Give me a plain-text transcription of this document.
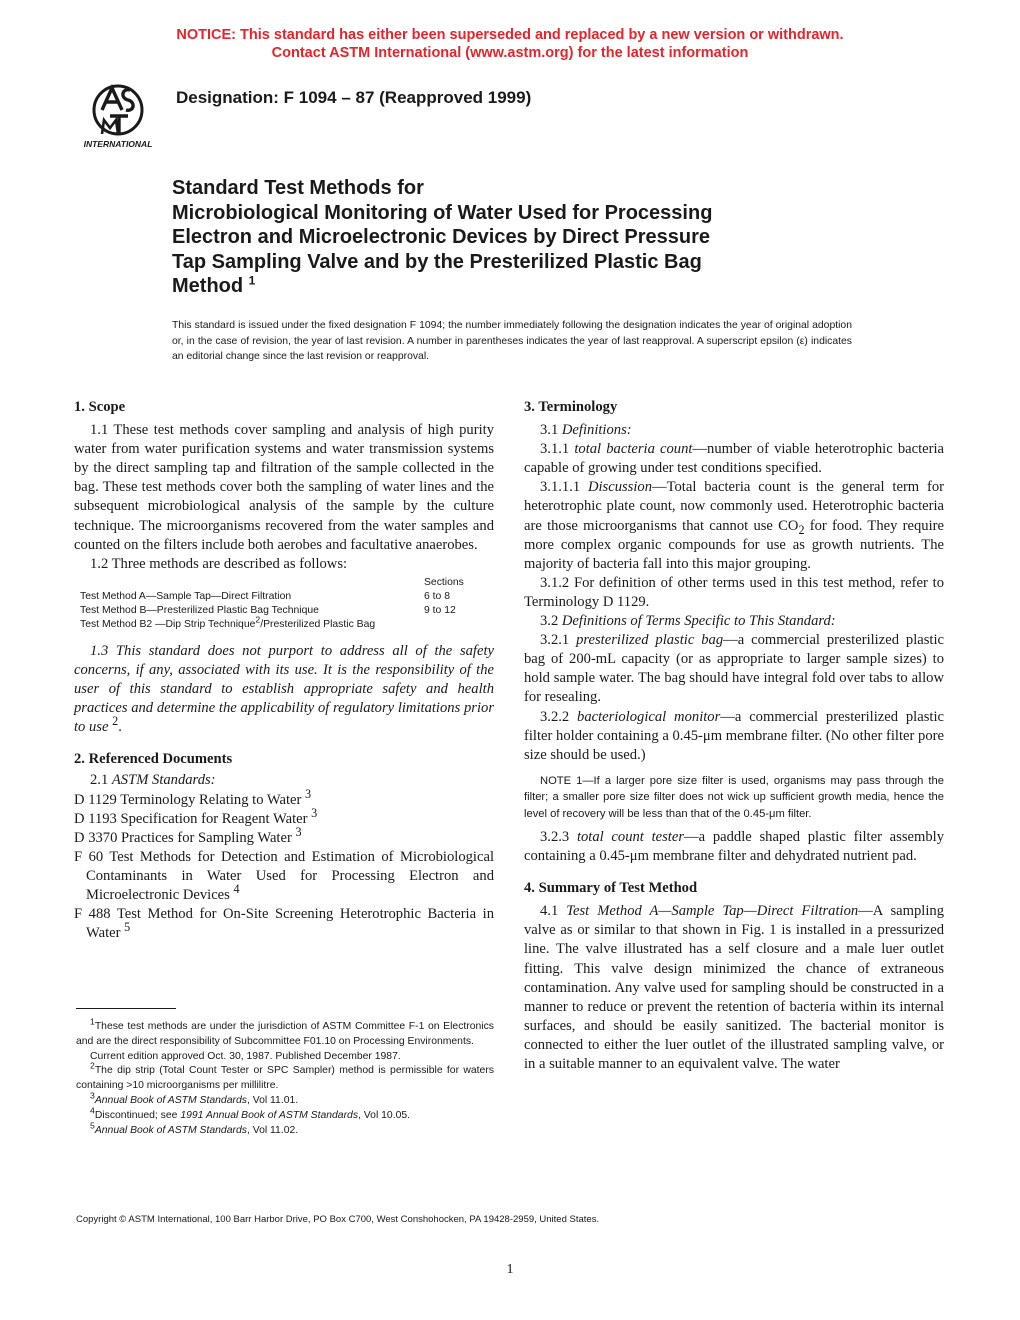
NOTICE: This standard has either been superseded and replaced by a new version or withdrawn.
Contact ASTM International (www.astm.org) for the latest information
INTERNATIONAL
Designation: F 1094 – 87 (Reapproved 1999)
Standard Test Methods for
Microbiological Monitoring of Water Used for Processing
Electron and Microelectronic Devices by Direct Pressure
Tap Sampling Valve and by the Presterilized Plastic Bag
Method $^1$
This standard is issued under the fixed designation F 1094; the number immediately following the designation indicates the year of original adoption or, in the case of revision, the year of last revision. A number in parentheses indicates the year of last reapproval. A superscript epsilon (ε) indicates an editorial change since the last revision or reapproval.
1. Scope

1.1 These test methods cover sampling and analysis of high purity water from water purification systems and water transmission systems by the direct sampling tap and filtration of the sample collected in the bag. These test methods cover both the sampling of water lines and the subsequent microbiological analysis of the sample by the culture technique. The microorganisms recovered from the water samples and counted on the filters include both aerobes and facultative anaerobes.

1.2 Three methods are described as follows:

	Sections
Test Method A—Sample Tap—Direct Filtration	6 to 8
Test Method B—Presterilized Plastic Bag Technique	9 to 12
Test Method B2 —Dip Strip Technique$^2$/Presterilized Plastic Bag	

1.3 This standard does not purport to address all of the safety concerns, if any, associated with its use. It is the responsibility of the user of this standard to establish appropriate safety and health practices and determine the applicability of regulatory limitations prior to use $^2$.

2. Referenced Documents

2.1 ASTM Standards:

D 1129 Terminology Relating to Water $^3$

D 1193 Specification for Reagent Water $^3$

D 3370 Practices for Sampling Water $^3$

F 60 Test Methods for Detection and Estimation of Microbiological Contaminants in Water Used for Processing Electron and Microelectronic Devices $^4$

F 488 Test Method for On-Site Screening Heterotrophic Bacteria in Water $^5$

$^1$These test methods are under the jurisdiction of ASTM Committee F-1 on Electronics and are the direct responsibility of Subcommittee F01.10 on Processing Environments.

Current edition approved Oct. 30, 1987. Published December 1987.

$^2$The dip strip (Total Count Tester or SPC Sampler) method is permissible for waters containing >10 microorganisms per millilitre.

$^3$Annual Book of ASTM Standards, Vol 11.01.

$^4$Discontinued; see 1991 Annual Book of ASTM Standards, Vol 10.05.

$^5$Annual Book of ASTM Standards, Vol 11.02.

3. Terminology

3.1 Definitions:

3.1.1 total bacteria count—number of viable heterotrophic bacteria capable of growing under test conditions specified.

3.1.1.1 Discussion—Total bacteria count is the general term for heterotrophic plate count, now commonly used. Heterotrophic bacteria are those microorganisms that cannot use $CO_2$ for food. They require more complex organic compounds for use as growth nutrients. The majority of bacteria fall into this major grouping.

3.1.2 For definition of other terms used in this test method, refer to Terminology D 1129.

3.2 Definitions of Terms Specific to This Standard:

3.2.1 presterilized plastic bag—a commercial presterilized plastic bag of 200-mL capacity (or as appropriate to larger sample sizes) to hold sample water. The bag should have integral fold over tabs to allow for resealing.

3.2.2 bacteriological monitor—a commercial presterilized plastic filter holder containing a 0.45-μm membrane filter. (No other filter pore size should be used.)

NOTE 1—If a larger pore size filter is used, organisms may pass through the filter; a smaller pore size filter does not wick up sufficient growth media, hence the level of recovery will be less than that of the 0.45-μm filter.

3.2.3 total count tester—a paddle shaped plastic filter assembly containing a 0.45-μm membrane filter and dehydrated nutrient pad.

4. Summary of Test Method

4.1 Test Method A—Sample Tap—Direct Filtration—A sampling valve as or similar to that shown in Fig. 1 is installed in a pressurized line. The valve illustrated has a self closure and a male luer outlet fitting. This valve design minimized the chance of extraneous contamination. Any valve used for sampling should be constructed in a manner to reduce or prevent the retention of bacteria within its internal surfaces, and should be easily sanitized. The bacterial monitor is connected to either the luer outlet of the illustrated sampling valve, or in a suitable manner to an equivalent valve. The water

Copyright © ASTM International, 100 Barr Harbor Drive, PO Box C700, West Conshohocken, PA 19428-2959, United States.
1
